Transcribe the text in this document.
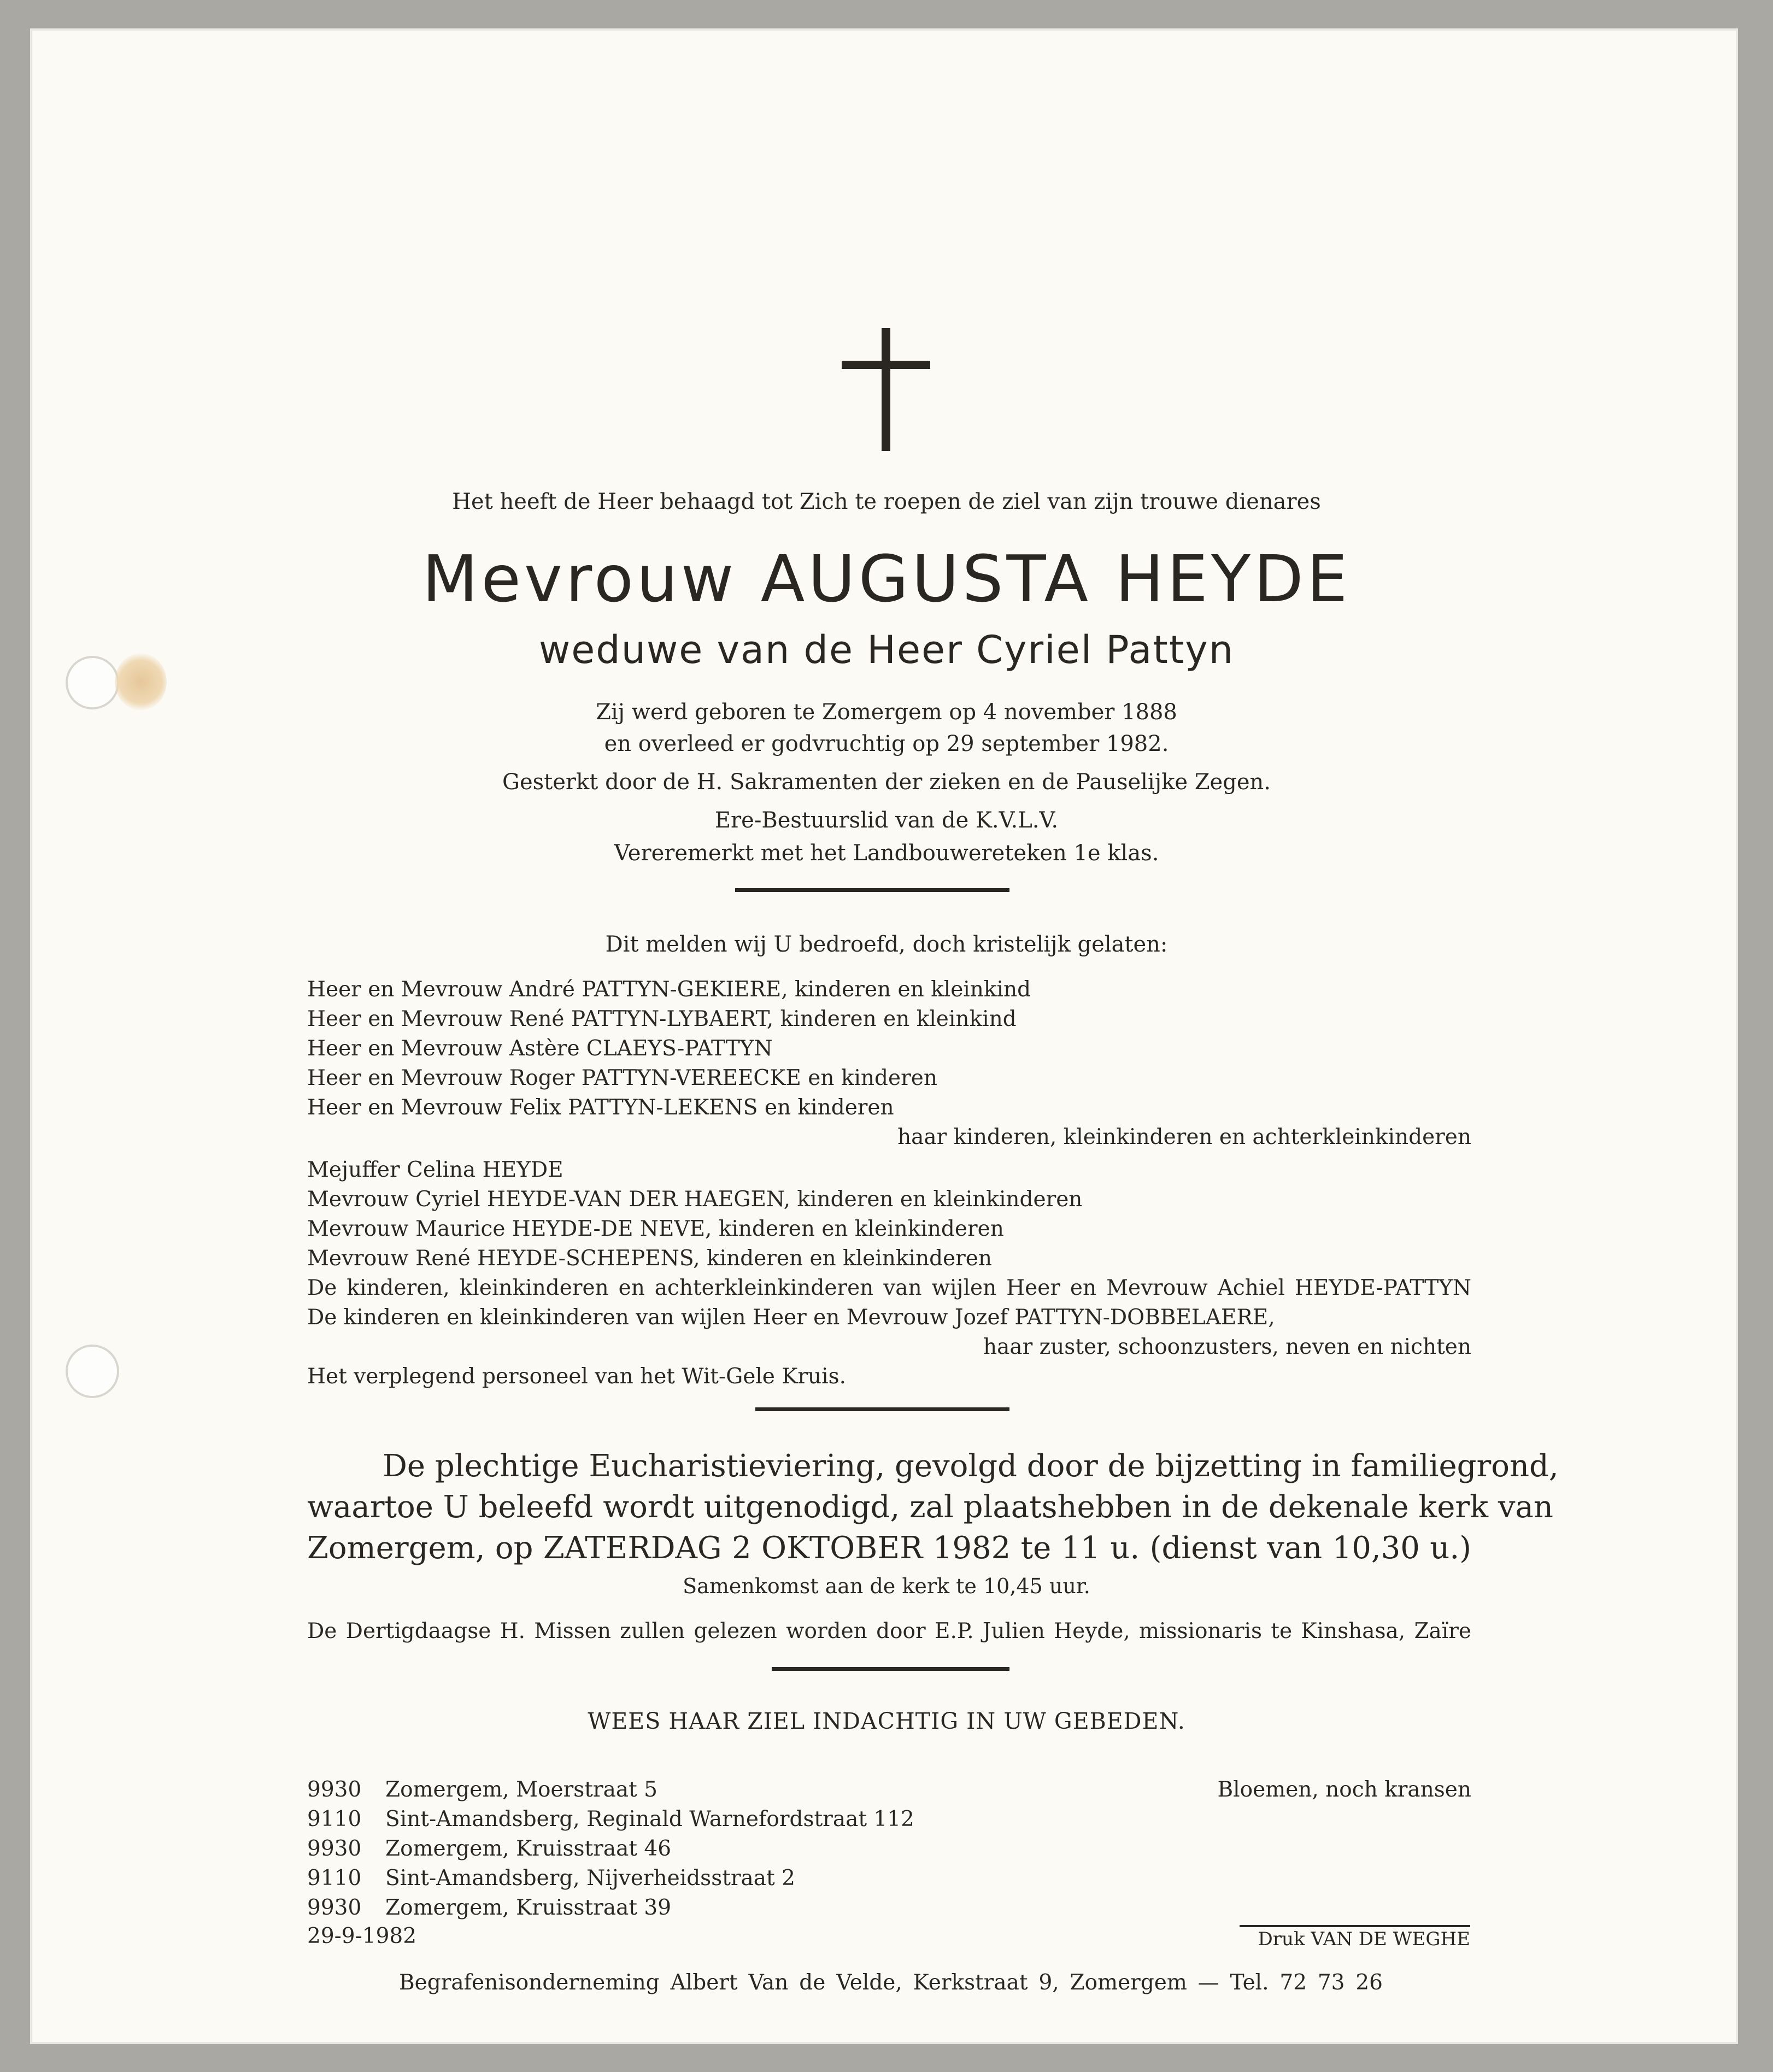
Het heeft de Heer behaagd tot Zich te roepen de ziel van zijn trouwe dienares
Mevrouw AUGUSTA HEYDE
weduwe van de Heer Cyriel Pattyn
Zij werd geboren te Zomergem op 4 november 1888
en overleed er godvruchtig op 29 september 1982.
Gesterkt door de H. Sakramenten der zieken en de Pauselijke Zegen.
Ere-Bestuurslid van de K.V.L.V.
Vereremerkt met het Landbouwereteken 1e klas.
Dit melden wij U bedroefd, doch kristelijk gelaten:
Heer en Mevrouw André PATTYN-GEKIERE, kinderen en kleinkind
Heer en Mevrouw René PATTYN-LYBAERT, kinderen en kleinkind
Heer en Mevrouw Astère CLAEYS-PATTYN
Heer en Mevrouw Roger PATTYN-VEREECKE en kinderen
Heer en Mevrouw Felix PATTYN-LEKENS en kinderen
haar kinderen, kleinkinderen en achterkleinkinderen
Mejuffer Celina HEYDE
Mevrouw Cyriel HEYDE-VAN DER HAEGEN, kinderen en kleinkinderen
Mevrouw Maurice HEYDE-DE NEVE, kinderen en kleinkinderen
Mevrouw René HEYDE-SCHEPENS, kinderen en kleinkinderen
De kinderen, kleinkinderen en achterkleinkinderen van wijlen Heer en Mevrouw Achiel HEYDE-PATTYN
De kinderen en kleinkinderen van wijlen Heer en Mevrouw Jozef PATTYN-DOBBELAERE,
haar zuster, schoonzusters, neven en nichten
Het verplegend personeel van het Wit-Gele Kruis.
De plechtige Eucharistieviering, gevolgd door de bijzetting in familiegrond,
waartoe U beleefd wordt uitgenodigd, zal plaatshebben in de dekenale kerk van
Zomergem, op ZATERDAG 2 OKTOBER 1982 te 11 u. (dienst van 10,30 u.)
Samenkomst aan de kerk te 10,45 uur.
De Dertigdaagse H. Missen zullen gelezen worden door E.P. Julien Heyde, missionaris te Kinshasa, Zaïre
WEES HAAR ZIEL INDACHTIG IN UW GEBEDEN.
9930 Zomergem, Moerstraat 5
9110 Sint-Amandsberg, Reginald Warnefordstraat 112
9930 Zomergem, Kruisstraat 46
9110 Sint-Amandsberg, Nijverheidsstraat 2
9930 Zomergem, Kruisstraat 39
Bloemen, noch kransen
29-9-1982	Druk VAN DE WEGHE
Begrafenisonderneming Albert Van de Velde, Kerkstraat 9, Zomergem — Tel. 72 73 26
